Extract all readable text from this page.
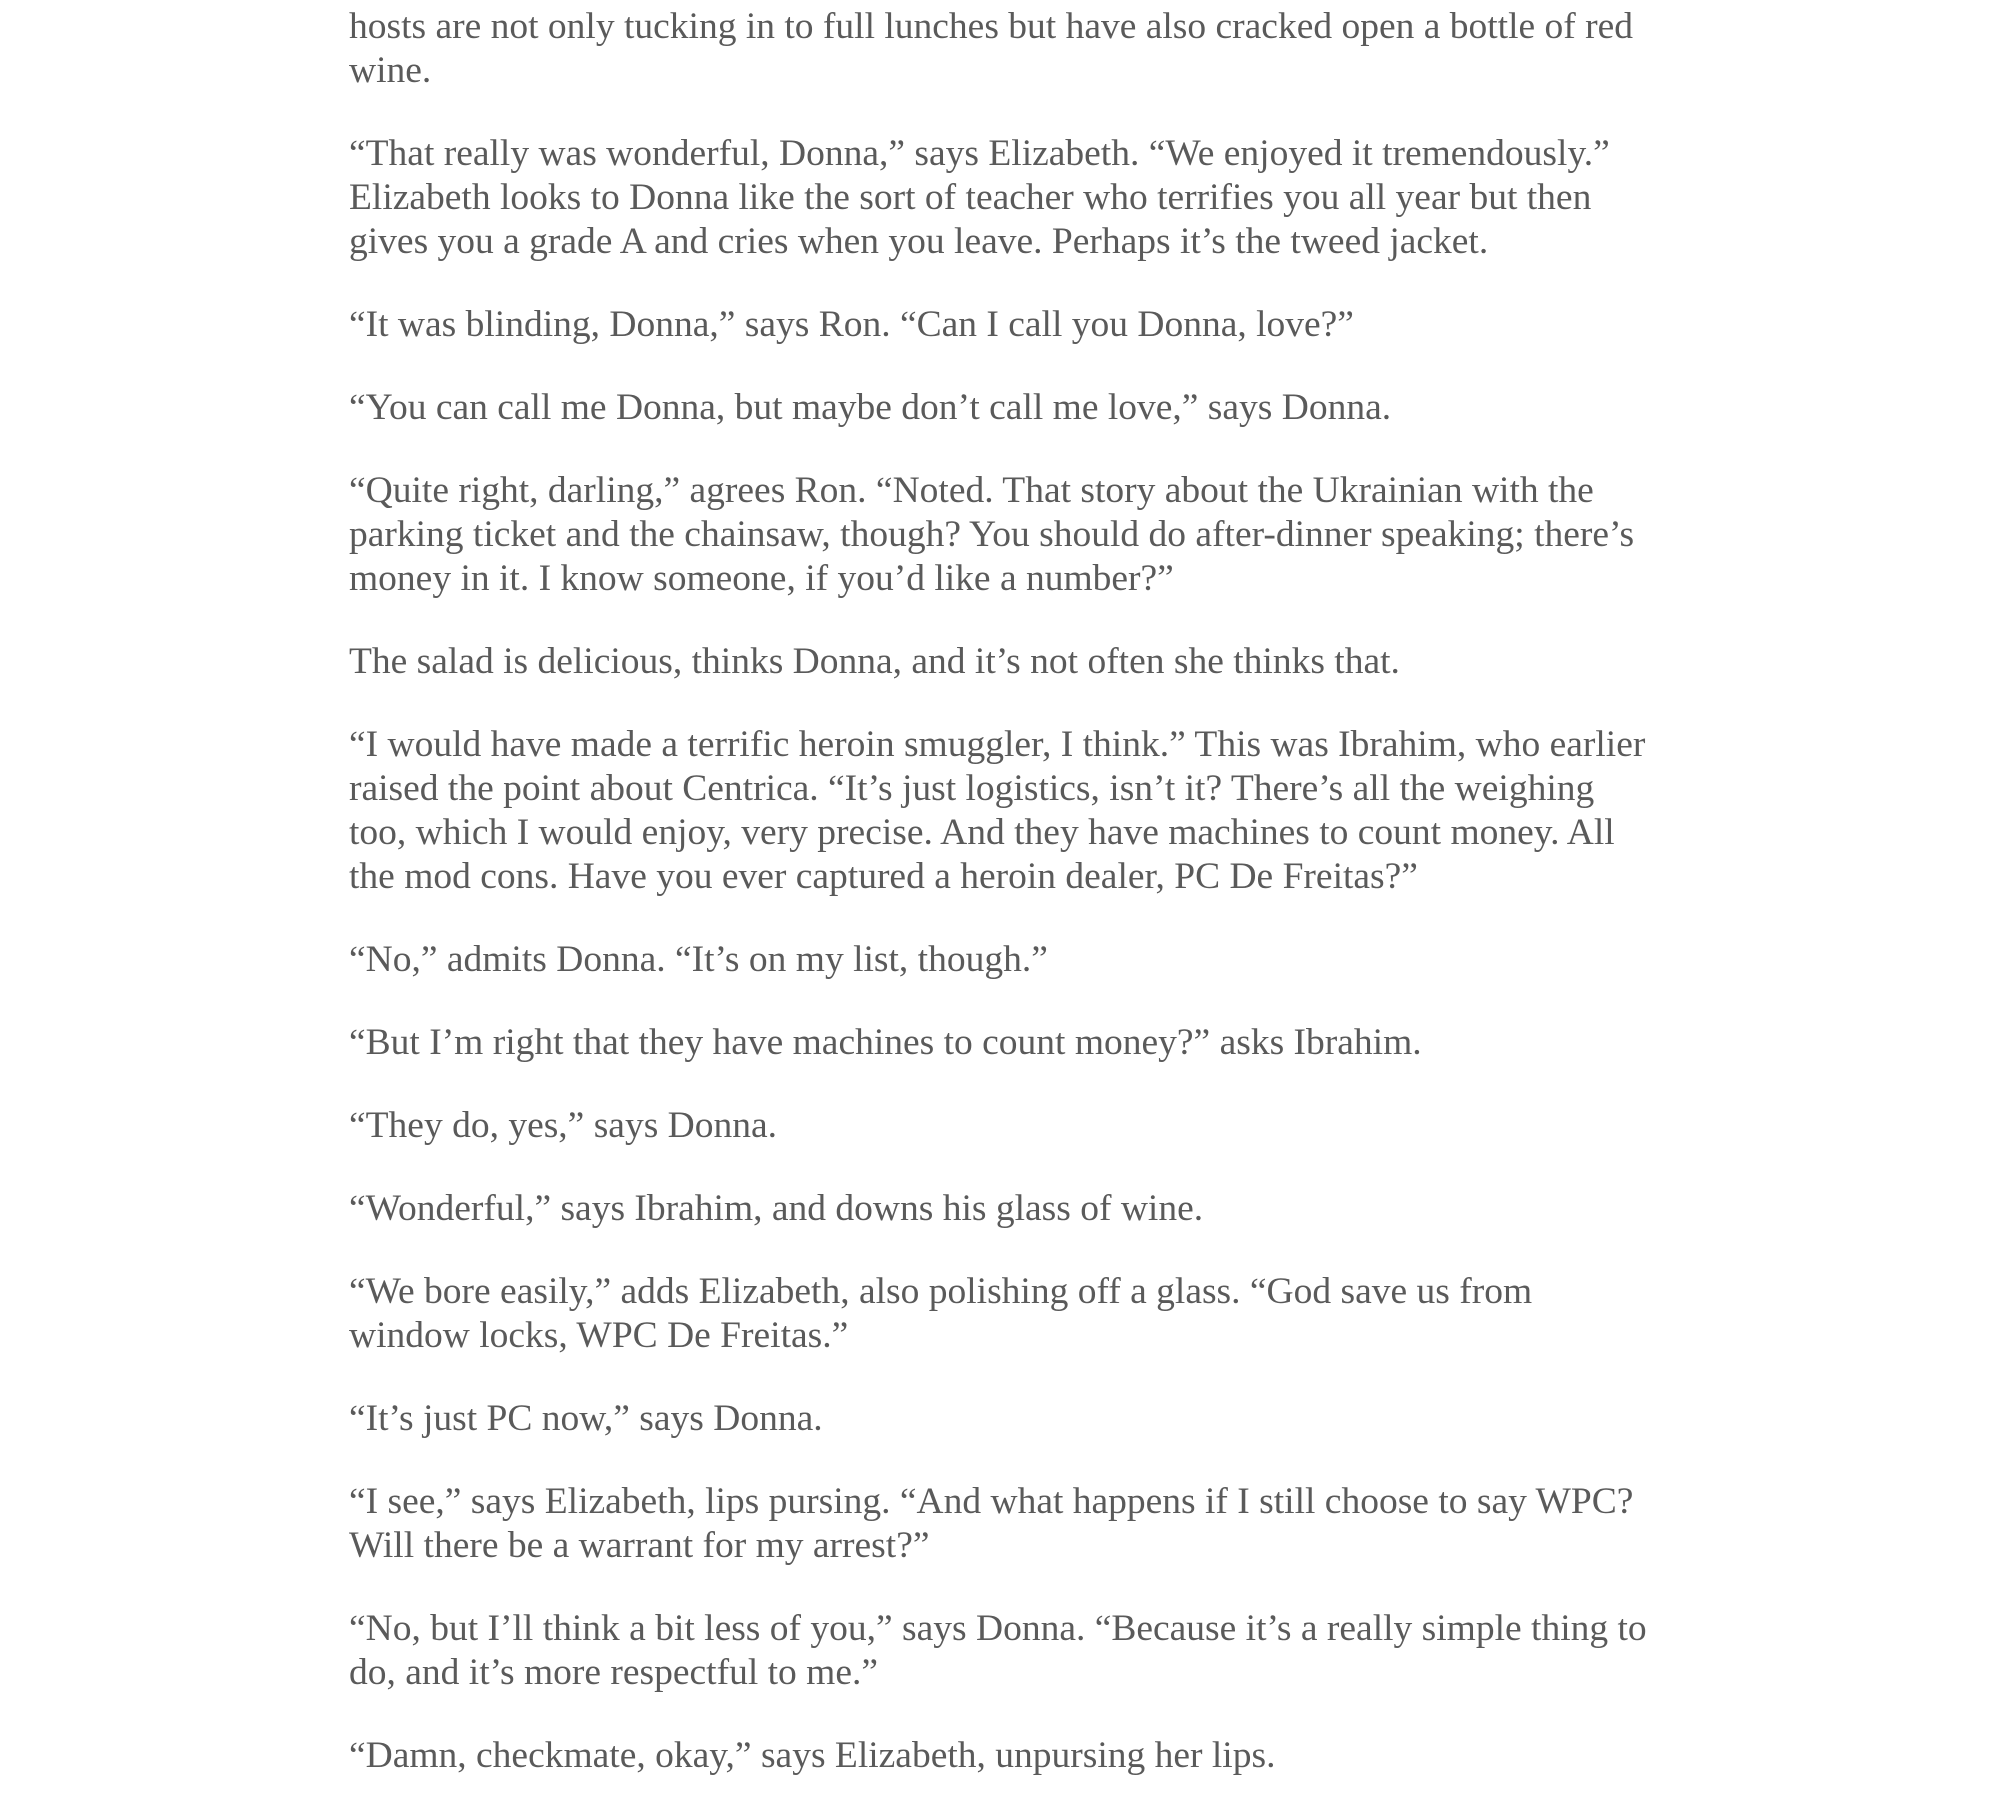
hosts are not only tucking in to full lunches but have also cracked open a bottle of red
wine.

“That really was wonderful, Donna,” says Elizabeth. “We enjoyed it tremendously.”
Elizabeth looks to Donna like the sort of teacher who terrifies you all year but then
gives you a grade A and cries when you leave. Perhaps it’s the tweed jacket.

“It was blinding, Donna,” says Ron. “Can I call you Donna, love?”

“You can call me Donna, but maybe don’t call me love,” says Donna.

“Quite right, darling,” agrees Ron. “Noted. That story about the Ukrainian with the
parking ticket and the chainsaw, though? You should do after-dinner speaking; there’s
money in it. I know someone, if you’d like a number?”

The salad is delicious, thinks Donna, and it’s not often she thinks that.

“I would have made a terrific heroin smuggler, I think.” This was Ibrahim, who earlier
raised the point about Centrica. “It’s just logistics, isn’t it? There’s all the weighing
too, which I would enjoy, very precise. And they have machines to count money. All
the mod cons. Have you ever captured a heroin dealer, PC De Freitas?”

“No,” admits Donna. “It’s on my list, though.”

“But I’m right that they have machines to count money?” asks Ibrahim.

“They do, yes,” says Donna.

“Wonderful,” says Ibrahim, and downs his glass of wine.

“We bore easily,” adds Elizabeth, also polishing off a glass. “God save us from
window locks, WPC De Freitas.”

“It’s just PC now,” says Donna.

“I see,” says Elizabeth, lips pursing. “And what happens if I still choose to say WPC?
Will there be a warrant for my arrest?”

“No, but I’ll think a bit less of you,” says Donna. “Because it’s a really simple thing to
do, and it’s more respectful to me.”

“Damn, checkmate, okay,” says Elizabeth, unpursing her lips.
